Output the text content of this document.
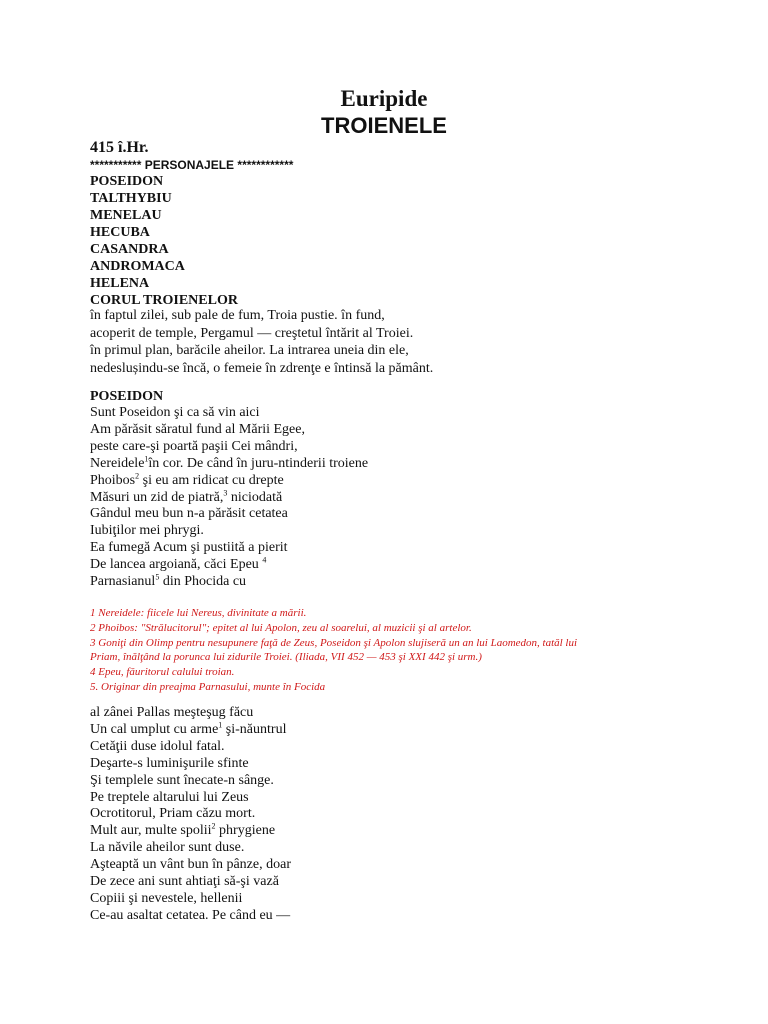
Euripide
TROIENELE
415 î.Hr.
*********** PERSONAJELE ************
POSEIDON
TALTHYBIU
MENELAU
HECUBA
CASANDRA
ANDROMACA
HELENA
CORUL TROIENELOR
în faptul zilei, sub pale de fum, Troia pustie. în fund,
acoperit de temple, Pergamul — creştetul întărit al Troiei.
în primul plan, barăcile aheilor. La intrarea uneia din ele,
nedeslușindu-se încă, o femeie în zdrenţe e întinsă la pământ.
POSEIDON
Sunt Poseidon şi ca să vin aici
Am părăsit săratul fund al Mării Egee,
peste care-şi poartă paşii Cei mândri,
Nereidele$^1$în cor. De când în juru-ntinderii troiene
Phoibos$^2$ şi eu am ridicat cu drepte
Măsuri un zid de piatră,$^3$ niciodată
Gândul meu bun n-a părăsit cetatea
Iubiţilor mei phrygi.
Ea fumegă Acum şi pustiită a pierit
De lancea argoiană, căci Epeu $^4$
Parnasianul$^5$ din Phocida cu
1 Nereidele: fiicele lui Nereus, divinitate a mării.
2 Phoibos: "Strălucitorul"; epitet al lui Apolon, zeu al soarelui, al muzicii şi al artelor.
3 Goniţi din Olimp pentru nesupunere faţă de Zeus, Poseidon şi Apolon slujiseră un an lui Laomedon, tatăl lui
Priam, înălţând la porunca lui zidurile Troiei. (Iliada, VII 452 — 453 şi XXI 442 şi urm.)
4 Epeu, făuritorul calului troian.
5. Originar din preajma Parnasului, munte în Focida
al zânei Pallas meşteşug făcu
Un cal umplut cu arme$^1$ şi-năuntrul
Cetăţii duse idolul fatal.
Deşarte-s luminişurile sfinte
Şi templele sunt înecate-n sânge.
Pe treptele altarului lui Zeus
Ocrotitorul, Priam căzu mort.
Mult aur, multe spolii$^2$ phrygiene
La năvile aheilor sunt duse.
Aşteaptă un vânt bun în pânze, doar
De zece ani sunt ahtiaţi să-şi vază
Copiii şi nevestele, hellenii
Ce-au asaltat cetatea. Pe când eu —
